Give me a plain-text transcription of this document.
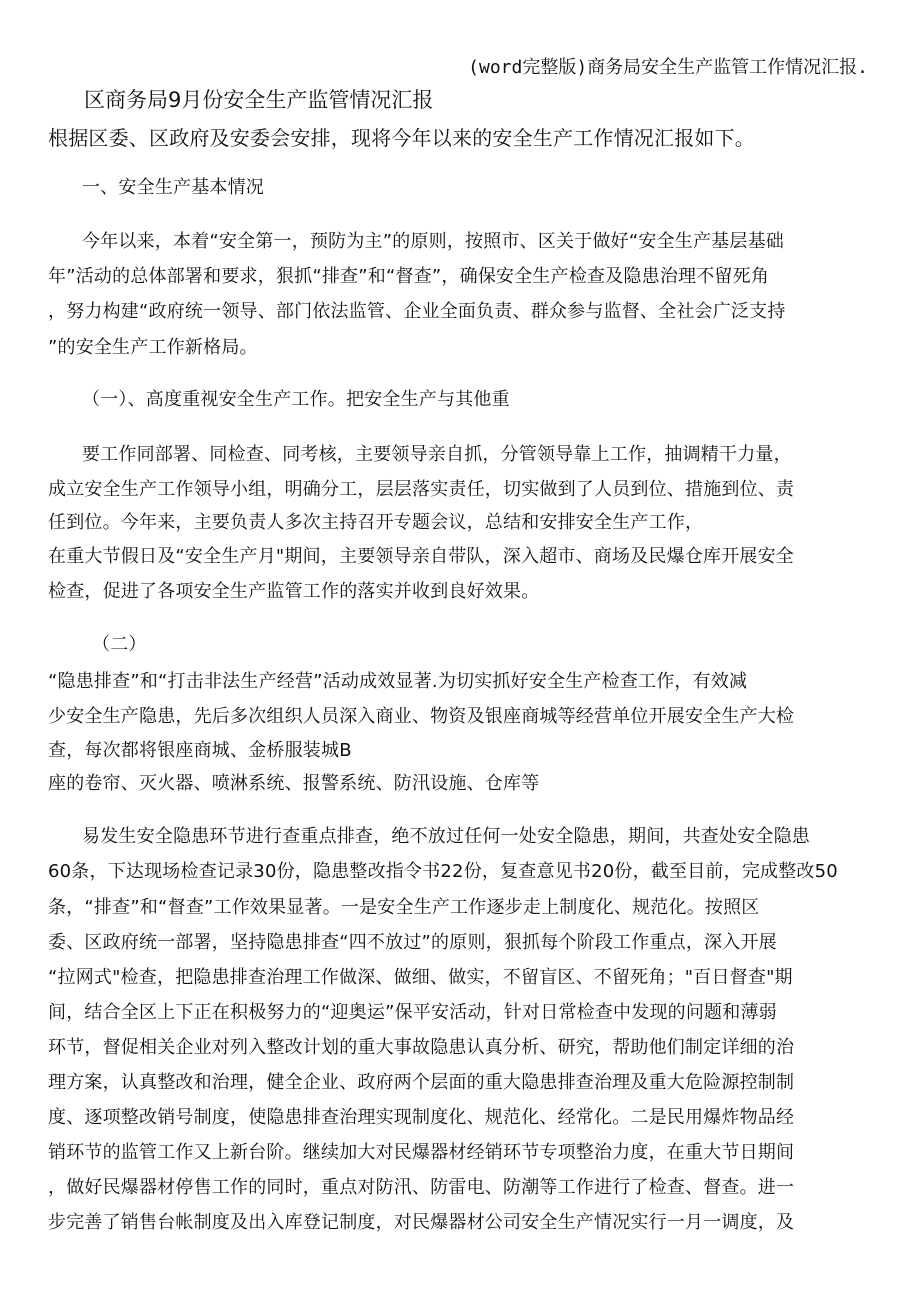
(word完整版)商务局安全生产监管工作情况汇报.
区商务局9月份安全生产监管情况汇报
根据区委、区政府及安委会安排，现将今年以来的安全生产工作情况汇报如下。
一、安全生产基本情况
今年以来，本着“安全第一，预防为主”的原则，按照市、区关于做好“安全生产基层基础
年”活动的总体部署和要求，狠抓“排查”和“督查”，确保安全生产检查及隐患治理不留死角
，努力构建“政府统一领导、部门依法监管、企业全面负责、群众参与监督、全社会广泛支持
”的安全生产工作新格局。
（一）、高度重视安全生产工作。把安全生产与其他重
要工作同部署、同检查、同考核，主要领导亲自抓，分管领导靠上工作，抽调精干力量，
成立安全生产工作领导小组，明确分工，层层落实责任，切实做到了人员到位、措施到位、责
任到位。今年来，主要负责人多次主持召开专题会议，总结和安排安全生产工作，
在重大节假日及“安全生产月"期间，主要领导亲自带队，深入超市、商场及民爆仓库开展安全
检查，促进了各项安全生产监管工作的落实并收到良好效果。
（二）
“隐患排查”和“打击非法生产经营”活动成效显著.为切实抓好安全生产检查工作，有效减
少安全生产隐患，先后多次组织人员深入商业、物资及银座商城等经营单位开展安全生产大检
查，每次都将银座商城、金桥服装城B
座的卷帘、灭火器、喷淋系统、报警系统、防汛设施、仓库等
易发生安全隐患环节进行查重点排查，绝不放过任何一处安全隐患，期间，共查处安全隐患
60条，下达现场检查记录30份，隐患整改指令书22份，复查意见书20份，截至目前，完成整改50
条，“排查”和“督查”工作效果显著。一是安全生产工作逐步走上制度化、规范化。按照区
委、区政府统一部署，坚持隐患排查“四不放过”的原则，狠抓每个阶段工作重点，深入开展
“拉网式"检查，把隐患排查治理工作做深、做细、做实，不留盲区、不留死角；"百日督查"期
间，结合全区上下正在积极努力的“迎奥运”保平安活动，针对日常检查中发现的问题和薄弱
环节，督促相关企业对列入整改计划的重大事故隐患认真分析、研究，帮助他们制定详细的治
理方案，认真整改和治理，健全企业、政府两个层面的重大隐患排查治理及重大危险源控制制
度、逐项整改销号制度，使隐患排查治理实现制度化、规范化、经常化。二是民用爆炸物品经
销环节的监管工作又上新台阶。继续加大对民爆器材经销环节专项整治力度，在重大节日期间
，做好民爆器材停售工作的同时，重点对防汛、防雷电、防潮等工作进行了检查、督查。进一
步完善了销售台帐制度及出入库登记制度，对民爆器材公司安全生产情况实行一月一调度，及
